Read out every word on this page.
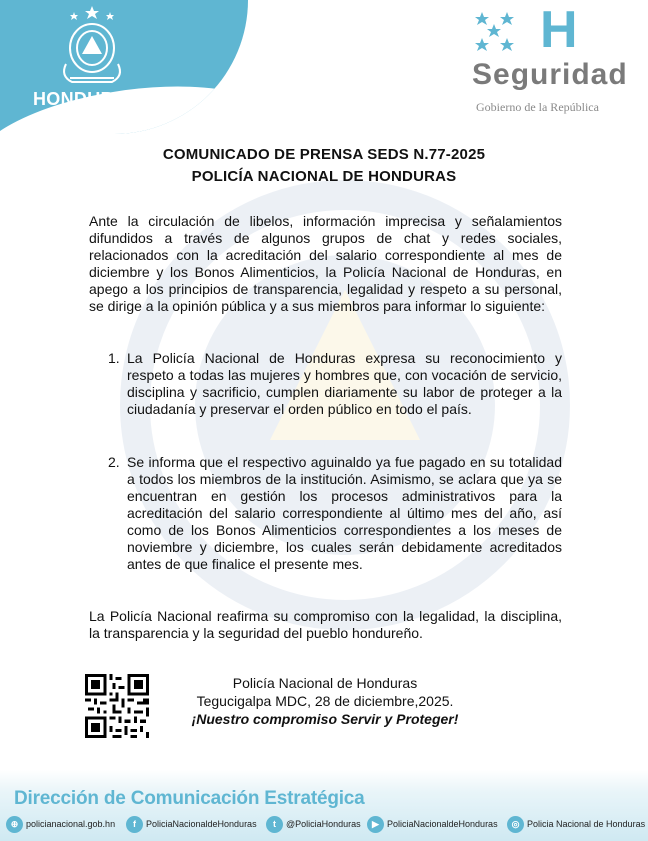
HONDURAS
H
Seguridad
Gobierno de la República
COMUNICADO DE PRENSA SEDS N.77-2025
POLICÍA NACIONAL DE HONDURAS
Ante la circulación de libelos, información imprecisa y señalamientos difundidos a través de algunos grupos de chat y redes sociales, relacionados con la acreditación del salario correspondiente al mes de diciembre y los Bonos Alimenticios, la Policía Nacional de Honduras, en apego a los principios de transparencia, legalidad y respeto a su personal, se dirige a la opinión pública y a sus miembros para informar lo siguiente:
1. La Policía Nacional de Honduras expresa su reconocimiento y respeto a todas las mujeres y hombres que, con vocación de servicio, disciplina y sacrificio, cumplen diariamente su labor de proteger a la ciudadanía y preservar el orden público en todo el país.
2. Se informa que el respectivo aguinaldo ya fue pagado en su totalidad a todos los miembros de la institución. Asimismo, se aclara que ya se encuentran en gestión los procesos administrativos para la acreditación del salario correspondiente al último mes del año, así como de los Bonos Alimenticios correspondientes a los meses de noviembre y diciembre, los cuales serán debidamente acreditados antes de que finalice el presente mes.
La Policía Nacional reafirma su compromiso con la legalidad, la disciplina, la transparencia y la seguridad del pueblo hondureño.
Policía Nacional de Honduras
Tegucigalpa MDC, 28 de diciembre,2025.
¡Nuestro compromiso Servir y Proteger!
Dirección de Comunicación Estratégica
⊕ policianacional.gob.hn	f	PoliciaNacionaldeHonduras	t	@PoliciaHonduras	▶ PoliciaNacionaldeHonduras	◎ Policia Nacional de Honduras
